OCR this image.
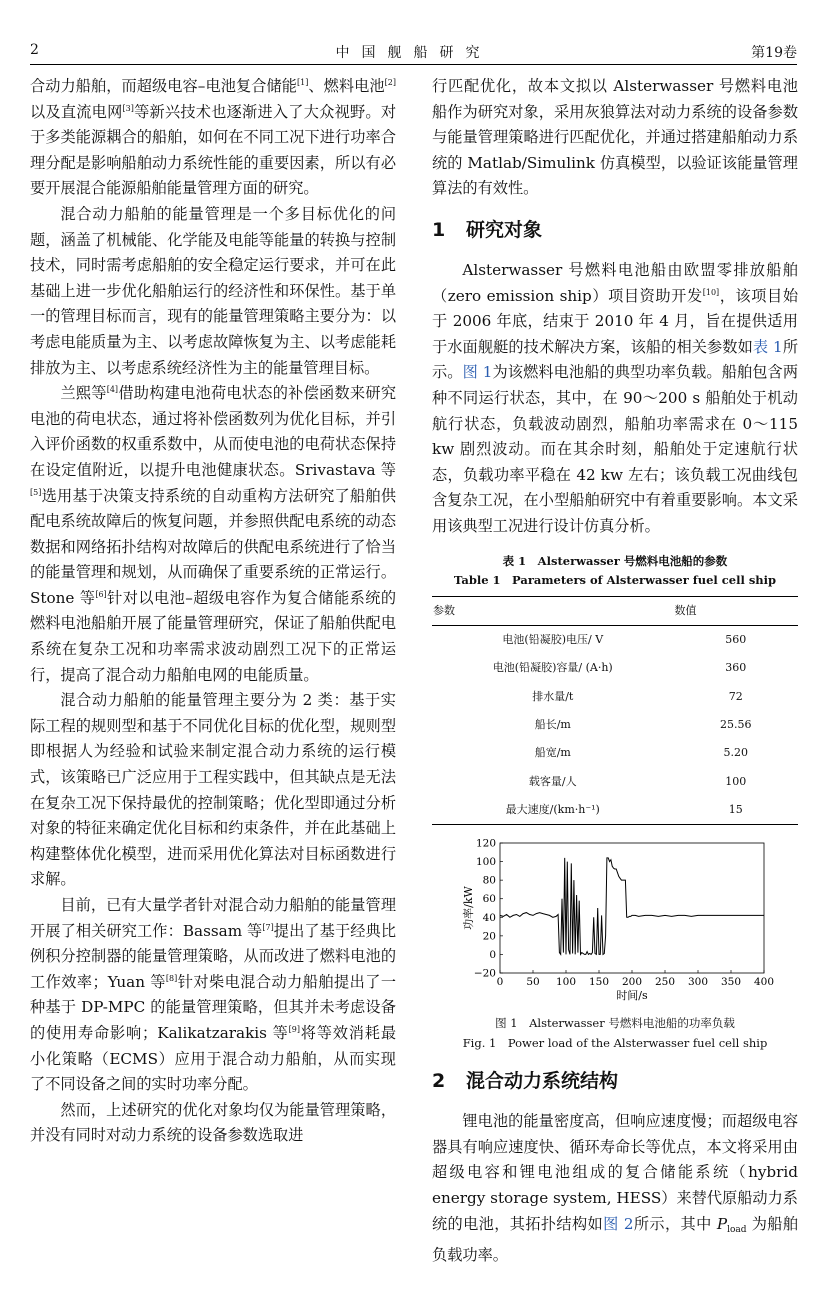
2	中国舰船研究	第19卷

合动力船舶，而超级电容–电池复合储能[1]、燃料电池[2]以及直流电网[3]等新兴技术也逐渐进入了大众视野。对于多类能源耦合的船舶，如何在不同工况下进行功率合理分配是影响船舶动力系统性能的重要因素，所以有必要开展混合能源船舶能量管理方面的研究。

混合动力船舶的能量管理是一个多目标优化的问题，涵盖了机械能、化学能及电能等能量的转换与控制技术，同时需考虑船舶的安全稳定运行要求，并可在此基础上进一步优化船舶运行的经济性和环保性。基于单一的管理目标而言，现有的能量管理策略主要分为：以考虑电能质量为主、以考虑故障恢复为主、以考虑能耗排放为主、以考虑系统经济性为主的能量管理目标。

兰熙等[4]借助构建电池荷电状态的补偿函数来研究电池的荷电状态，通过将补偿函数列为优化目标，并引入评价函数的权重系数中，从而使电池的电荷状态保持在设定值附近，以提升电池健康状态。Srivastava 等[5]选用基于决策支持系统的自动重构方法研究了船舶供配电系统故障后的恢复问题，并参照供配电系统的动态数据和网络拓扑结构对故障后的供配电系统进行了恰当的能量管理和规划，从而确保了重要系统的正常运行。Stone 等[6]针对以电池–超级电容作为复合储能系统的燃料电池船舶开展了能量管理研究，保证了船舶供配电系统在复杂工况和功率需求波动剧烈工况下的正常运行，提高了混合动力船舶电网的电能质量。

混合动力船舶的能量管理主要分为 2 类：基于实际工程的规则型和基于不同优化目标的优化型，规则型即根据人为经验和试验来制定混合动力系统的运行模式，该策略已广泛应用于工程实践中，但其缺点是无法在复杂工况下保持最优的控制策略；优化型即通过分析对象的特征来确定优化目标和约束条件，并在此基础上构建整体优化模型，进而采用优化算法对目标函数进行求解。

目前，已有大量学者针对混合动力船舶的能量管理开展了相关研究工作：Bassam 等[7]提出了基于经典比例积分控制器的能量管理策略，从而改进了燃料电池的工作效率；Yuan 等[8]针对柴电混合动力船舶提出了一种基于 DP-MPC 的能量管理策略，但其并未考虑设备的使用寿命影响；Kalikatzarakis 等[9]将等效消耗最小化策略（ECMS）应用于混合动力船舶，从而实现了不同设备之间的实时功率分配。

然而，上述研究的优化对象均仅为能量管理策略，并没有同时对动力系统的设备参数选取进

行匹配优化，故本文拟以 Alsterwasser 号燃料电池船作为研究对象，采用灰狼算法对动力系统的设备参数与能量管理策略进行匹配优化，并通过搭建船舶动力系统的 Matlab/Simulink 仿真模型，以验证该能量管理算法的有效性。

1 研究对象

Alsterwasser 号燃料电池船由欧盟零排放船舶（zero emission ship）项目资助开发[10]，该项目始于 2006 年底，结束于 2010 年 4 月，旨在提供适用于水面舰艇的技术解决方案，该船的相关参数如表 1所示。图 1为该燃料电池船的典型功率负载。船舶包含两种不同运行状态，其中，在 90～200 s 船舶处于机动航行状态，负载波动剧烈，船舶功率需求在 0～115 kw 剧烈波动。而在其余时刻，船舶处于定速航行状态，负载功率平稳在 42 kw 左右；该负载工况曲线包含复杂工况，在小型船舶研究中有着重要影响。本文采用该典型工况进行设计仿真分析。

表 1　Alsterwasser 号燃料电池船的参数
Table 1　Parameters of Alsterwasser fuel cell ship
参数	数值
电池(铅凝胶)电压/ V	560
电池(铅凝胶)容量/ (A·h)	360
排水量/t	72
船长/m	25.56
船宽/m	5.20
载客量/人	100
最大速度/(km·h⁻¹)	15
0 50 100 150 200 250 300 350 400
120
100
80
60
40
20
0
−20
时间/s
功率/kW
图 1　Alsterwasser 号燃料电池船的功率负载
Fig. 1　Power load of the Alsterwasser fuel cell ship
2 混合动力系统结构

锂电池的能量密度高，但响应速度慢；而超级电容器具有响应速度快、循环寿命长等优点，本文将采用由超级电容和锂电池组成的复合储能系统（hybrid energy storage system, HESS）来替代原船动力系统的电池，其拓扑结构如图 2所示，其中 $P_{load}$ 为船舶负载功率。
